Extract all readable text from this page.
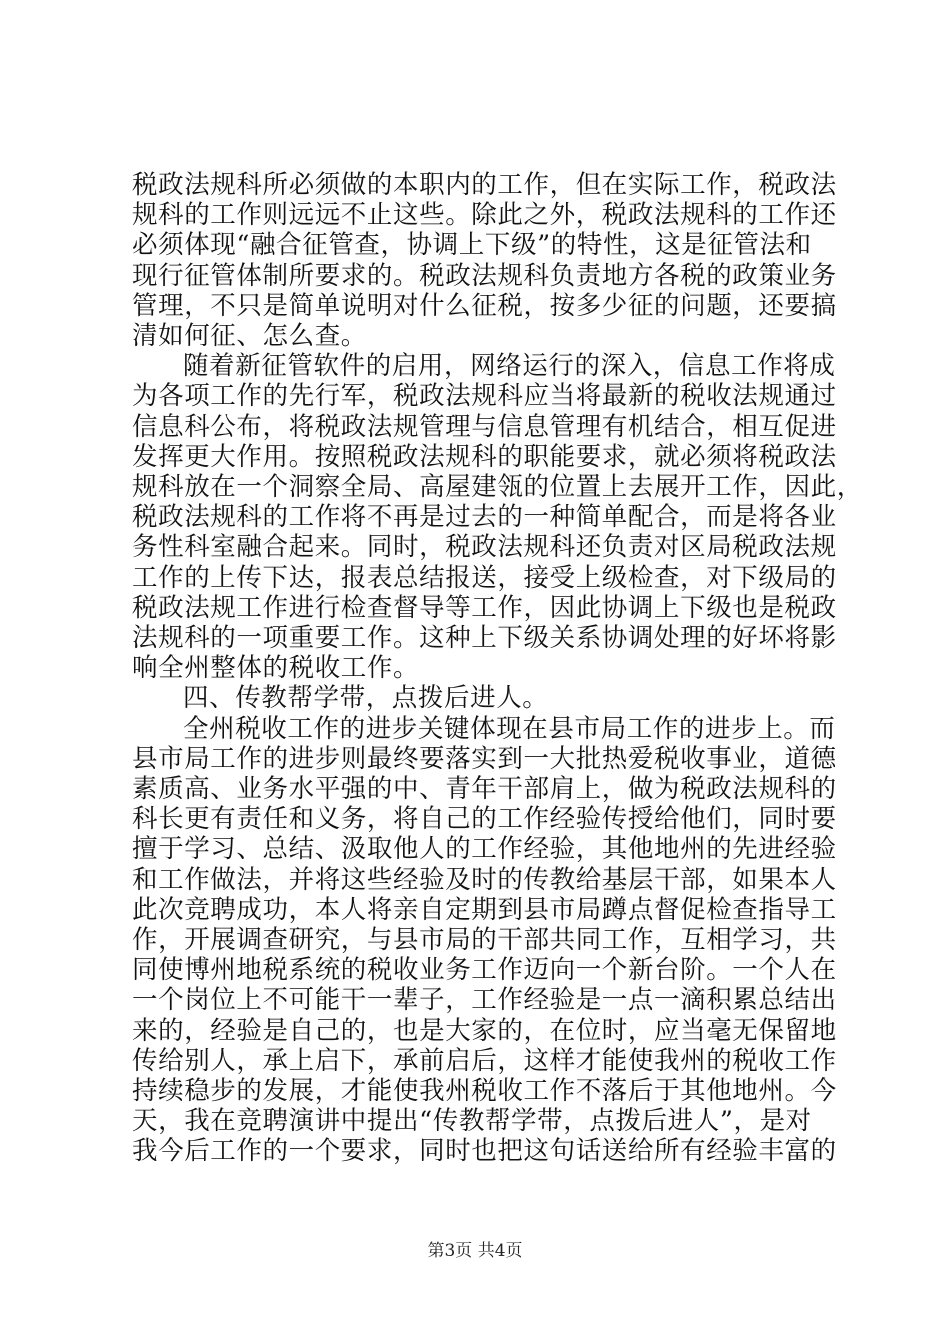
税政法规科所必须做的本职内的工作，但在实际工作，税政法
规科的工作则远远不止这些。除此之外，税政法规科的工作还
必须体现“融合征管查，协调上下级”的特性，这是征管法和
现行征管体制所要求的。税政法规科负责地方各税的政策业务
管理，不只是简单说明对什么征税，按多少征的问题，还要搞
清如何征、怎么查。
随着新征管软件的启用，网络运行的深入，信息工作将成
为各项工作的先行军，税政法规科应当将最新的税收法规通过
信息科公布，将税政法规管理与信息管理有机结合，相互促进
发挥更大作用。按照税政法规科的职能要求，就必须将税政法
规科放在一个洞察全局、高屋建瓴的位置上去展开工作，因此，
税政法规科的工作将不再是过去的一种简单配合，而是将各业
务性科室融合起来。同时，税政法规科还负责对区局税政法规
工作的上传下达，报表总结报送，接受上级检查，对下级局的
税政法规工作进行检查督导等工作，因此协调上下级也是税政
法规科的一项重要工作。这种上下级关系协调处理的好坏将影
响全州整体的税收工作。
四、传教帮学带，点拨后进人。
全州税收工作的进步关键体现在县市局工作的进步上。而
县市局工作的进步则最终要落实到一大批热爱税收事业，道德
素质高、业务水平强的中、青年干部肩上，做为税政法规科的
科长更有责任和义务，将自己的工作经验传授给他们，同时要
擅于学习、总结、汲取他人的工作经验，其他地州的先进经验
和工作做法，并将这些经验及时的传教给基层干部，如果本人
此次竞聘成功，本人将亲自定期到县市局蹲点督促检查指导工
作，开展调查研究，与县市局的干部共同工作，互相学习，共
同使博州地税系统的税收业务工作迈向一个新台阶。一个人在
一个岗位上不可能干一辈子，工作经验是一点一滴积累总结出
来的，经验是自己的，也是大家的，在位时，应当毫无保留地
传给别人，承上启下，承前启后，这样才能使我州的税收工作
持续稳步的发展，才能使我州税收工作不落后于其他地州。今
天，我在竞聘演讲中提出“传教帮学带，点拨后进人”，是对
我今后工作的一个要求，同时也把这句话送给所有经验丰富的
第3页 共4页
